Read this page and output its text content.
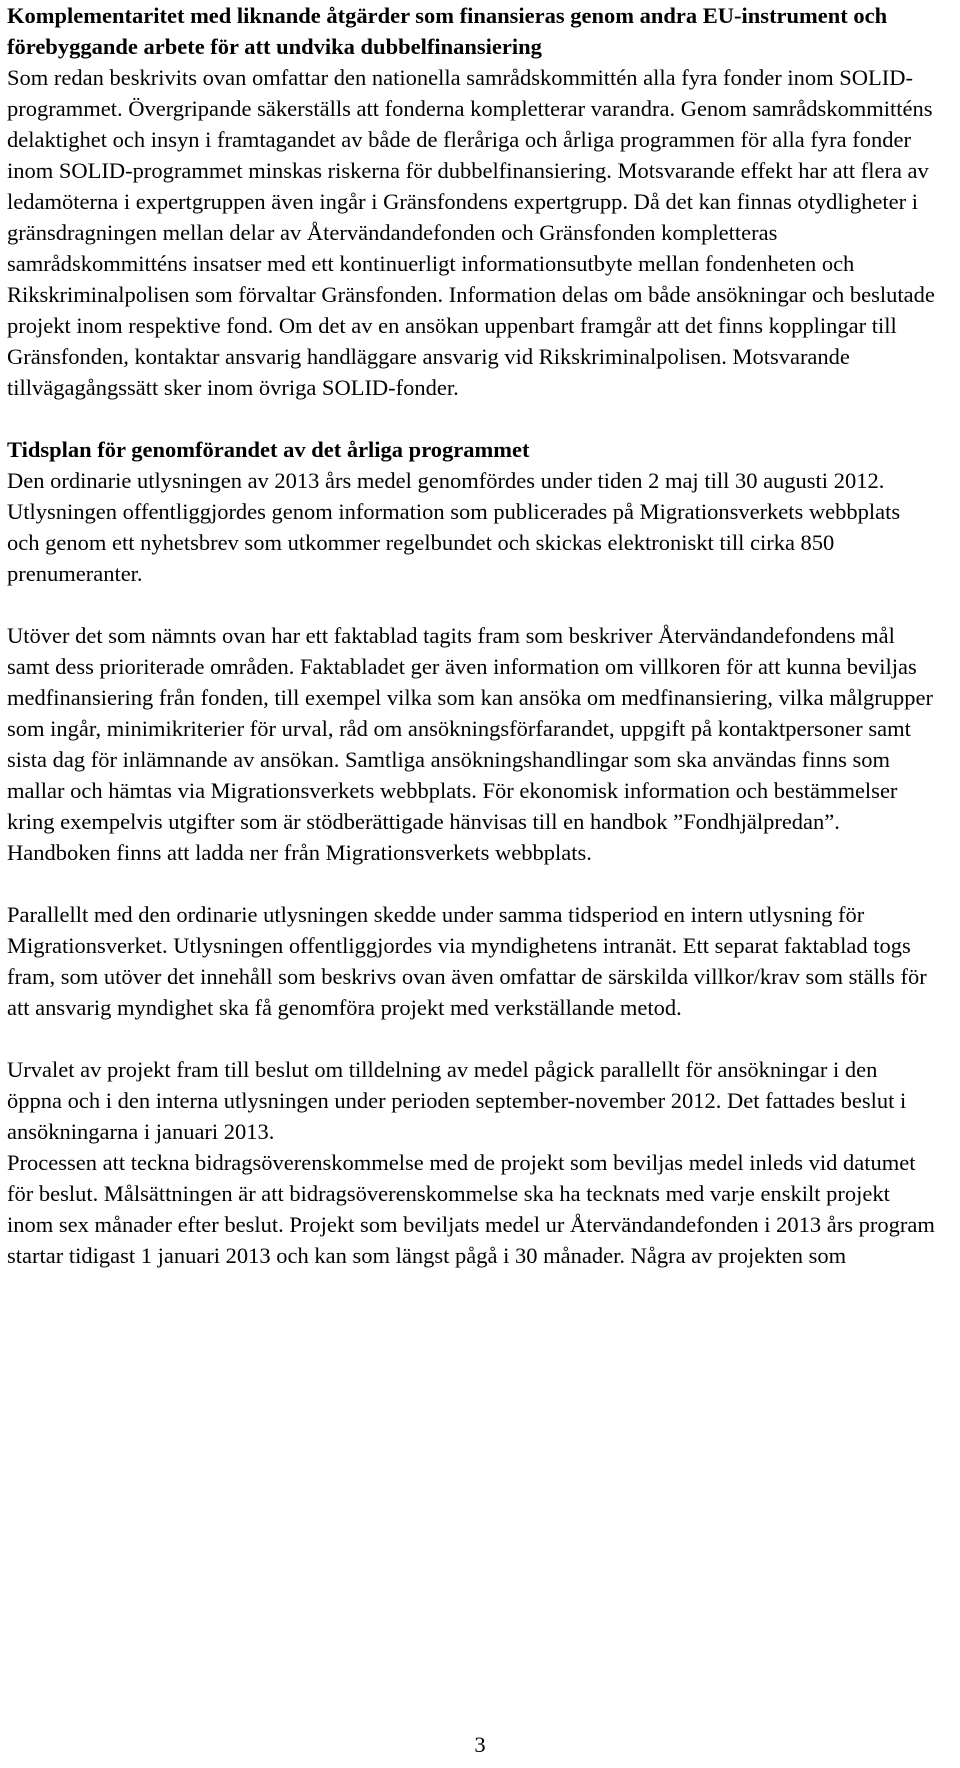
Komplementaritet med liknande åtgärder som finansieras genom andra EU-instrument och förebyggande arbete för att undvika dubbelfinansiering

Som redan beskrivits ovan omfattar den nationella samrådskommittén alla fyra fonder inom SOLID-programmet. Övergripande säkerställs att fonderna kompletterar varandra. Genom samrådskommitténs delaktighet och insyn i framtagandet av både de fleråriga och årliga programmen för alla fyra fonder inom SOLID-programmet minskas riskerna för dubbelfinansiering. Motsvarande effekt har att flera av ledamöterna i expertgruppen även ingår i Gränsfondens expertgrupp. Då det kan finnas otydligheter i gränsdragningen mellan delar av Återvändandefonden och Gränsfonden kompletteras samrådskommitténs insatser med ett kontinuerligt informationsutbyte mellan fondenheten och Rikskriminalpolisen som förvaltar Gränsfonden. Information delas om både ansökningar och beslutade projekt inom respektive fond. Om det av en ansökan uppenbart framgår att det finns kopplingar till Gränsfonden, kontaktar ansvarig handläggare ansvarig vid Rikskriminalpolisen. Motsvarande tillvägagångssätt sker inom övriga SOLID-fonder.

Tidsplan för genomförandet av det årliga programmet

Den ordinarie utlysningen av 2013 års medel genomfördes under tiden 2 maj till 30 augusti 2012. Utlysningen offentliggjordes genom information som publicerades på Migrationsverkets webbplats och genom ett nyhetsbrev som utkommer regelbundet och skickas elektroniskt till cirka 850 prenumeranter.

Utöver det som nämnts ovan har ett faktablad tagits fram som beskriver Återvändandefondens mål samt dess prioriterade områden. Faktabladet ger även information om villkoren för att kunna beviljas medfinansiering från fonden, till exempel vilka som kan ansöka om medfinansiering, vilka målgrupper som ingår, minimikriterier för urval, råd om ansökningsförfarandet, uppgift på kontaktpersoner samt sista dag för inlämnande av ansökan. Samtliga ansökningshandlingar som ska användas finns som mallar och hämtas via Migrationsverkets webbplats. För ekonomisk information och bestämmelser kring exempelvis utgifter som är stödberättigade hänvisas till en handbok ”Fondhjälpredan”. Handboken finns att ladda ner från Migrationsverkets webbplats.

Parallellt med den ordinarie utlysningen skedde under samma tidsperiod en intern utlysning för Migrationsverket. Utlysningen offentliggjordes via myndighetens intranät. Ett separat faktablad togs fram, som utöver det innehåll som beskrivs ovan även omfattar de särskilda villkor/krav som ställs för att ansvarig myndighet ska få genomföra projekt med verkställande metod.

Urvalet av projekt fram till beslut om tilldelning av medel pågick parallellt för ansökningar i den öppna och i den interna utlysningen under perioden september-november 2012. Det fattades beslut i ansökningarna i januari 2013.

Processen att teckna bidragsöverenskommelse med de projekt som beviljas medel inleds vid datumet för beslut. Målsättningen är att bidragsöverenskommelse ska ha tecknats med varje enskilt projekt inom sex månader efter beslut. Projekt som beviljats medel ur Återvändandefonden i 2013 års program startar tidigast 1 januari 2013 och kan som längst pågå i 30 månader. Några av projekten som

3
